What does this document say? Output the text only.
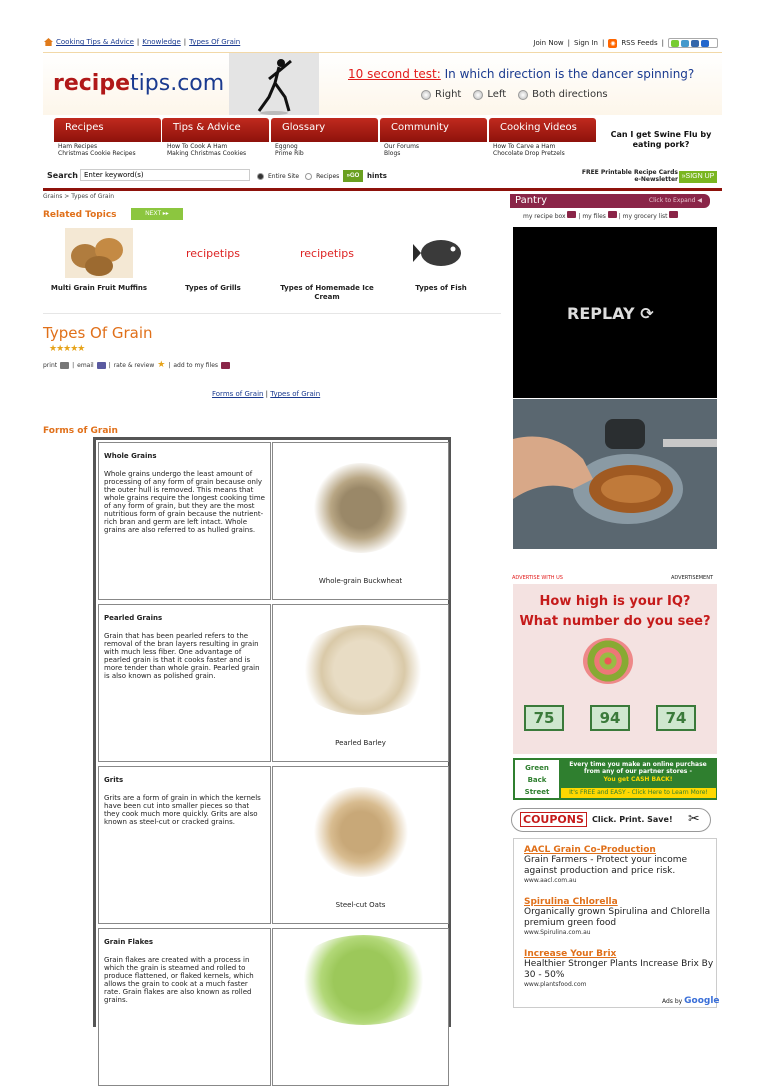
Cooking Tips & Advice | Knowledge | Types Of Grain	Join Now | Sign In | ◉ RSS Feeds |
recipetips.com	10 second test: In which direction is the dancer spinning?
Right	Left	Both directions
Recipes
Ham Recipes
Christmas Cookie Recipes
Tips & Advice
How To Cook A Ham
Making Christmas Cookies
Glossary
Eggnog
Prime Rib
Community
Our Forums
Blogs
Cooking Videos
How To Carve a Ham
Chocolate Drop Pretzels
Can I get Swine Flu by eating pork?
Search
Enter keyword(s)	Entire Site	Recipes	»GO	hints	FREE Printable Recipe Cards
e-Newsletter »SIGN UP
Grains > Types of Grain
Related Topics	NEXT ▸▸
Multi Grain Fruit Muffins
recipetips
Types of Grills
recipetips
Types of Homemade Ice Cream
Types of Fish
Types Of Grain
★★★★★
print	| email	| rate & review ★ | add to my files
Forms of Grain | Types of Grain
Forms of Grain
Whole Grains
Whole grains undergo the least amount of processing of any form of grain because only the outer hull is removed. This means that whole grains require the longest cooking time of any form of grain, but they are the most nutritious form of grain because the nutrient-rich bran and germ are left intact. Whole grains are also referred to as hulled grains.
Whole-grain Buckwheat
Pearled Grains
Grain that has been pearled refers to the removal of the bran layers resulting in grain with much less fiber. One advantage of pearled grain is that it cooks faster and is more tender than whole grain. Pearled grain is also known as polished grain.
Pearled Barley
Grits
Grits are a form of grain in which the kernels have been cut into smaller pieces so that they cook much more quickly. Grits are also known as steel-cut or cracked grains.
Steel-cut Oats
Grain Flakes
Grain flakes are created with a process in which the grain is steamed and rolled to produce flattened, or flaked kernels, which allows the grain to cook at a much faster rate. Grain flakes are also known as rolled grains.
Pantry	Click to Expand ◀
my recipe box  | my files  | my grocery list
REPLAY ⟳
ADVERTISE WITH US	ADVERTISEMENT
How high is your IQ?
What number do you see?
75	94	74
Green Back Street
Every time you make an online purchase from any of our partner stores -
You get CASH BACK!
It's FREE and EASY - Click Here to Learn More!
COUPONS	Click. Print. Save! ✂
AACL Grain Co-Production
Grain Farmers - Protect your income against production and price risk.
www.aacl.com.au
Spirulina Chlorella
Organically grown Spirulina and Chlorella premium green food
www.Spirulina.com.au
Increase Your Brix
Healthier Stronger Plants Increase Brix By 30 - 50%
www.plantsfood.com
Ads by Google
